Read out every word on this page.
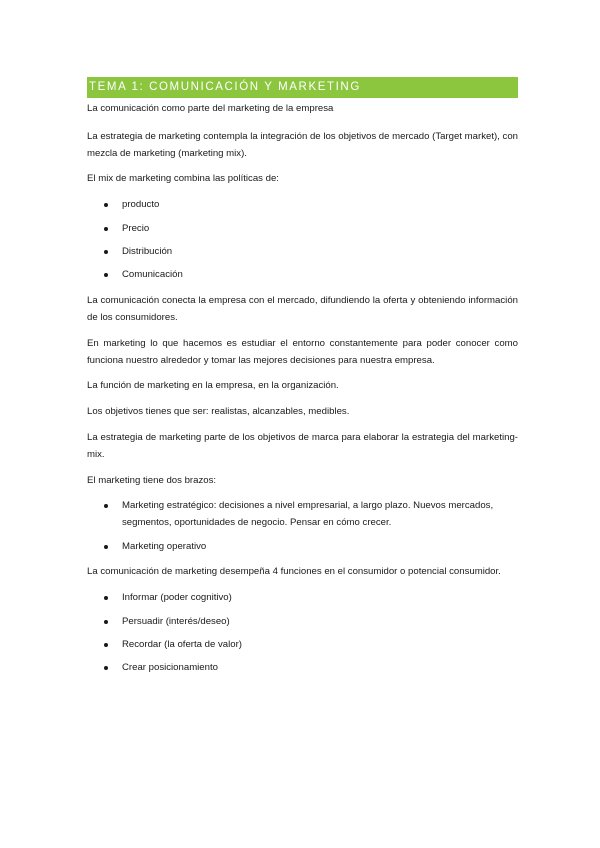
TEMA 1: COMUNICACIÓN Y MARKETING

La comunicación como parte del marketing de la empresa

La estrategia de marketing contempla la integración de los objetivos de mercado (Target market), con mezcla de marketing (marketing mix).

El mix de marketing combina las políticas de:

producto
Precio
Distribución
Comunicación

La comunicación conecta la empresa con el mercado, difundiendo la oferta y obteniendo información de los consumidores.

En marketing lo que hacemos es estudiar el entorno constantemente para poder conocer como funciona nuestro alrededor y tomar las mejores decisiones para nuestra empresa.

La función de marketing en la empresa, en la organización.

Los objetivos tienes que ser: realistas, alcanzables, medibles.

La estrategia de marketing parte de los objetivos de marca para elaborar la estrategia del marketing-mix.

El marketing tiene dos brazos:

Marketing estratégico: decisiones a nivel empresarial, a largo plazo. Nuevos mercados, segmentos, oportunidades de negocio. Pensar en cómo crecer.
Marketing operativo

La comunicación de marketing desempeña 4 funciones en el consumidor o potencial consumidor.

Informar (poder cognitivo)
Persuadir (interés/deseo)
Recordar (la oferta de valor)
Crear posicionamiento
